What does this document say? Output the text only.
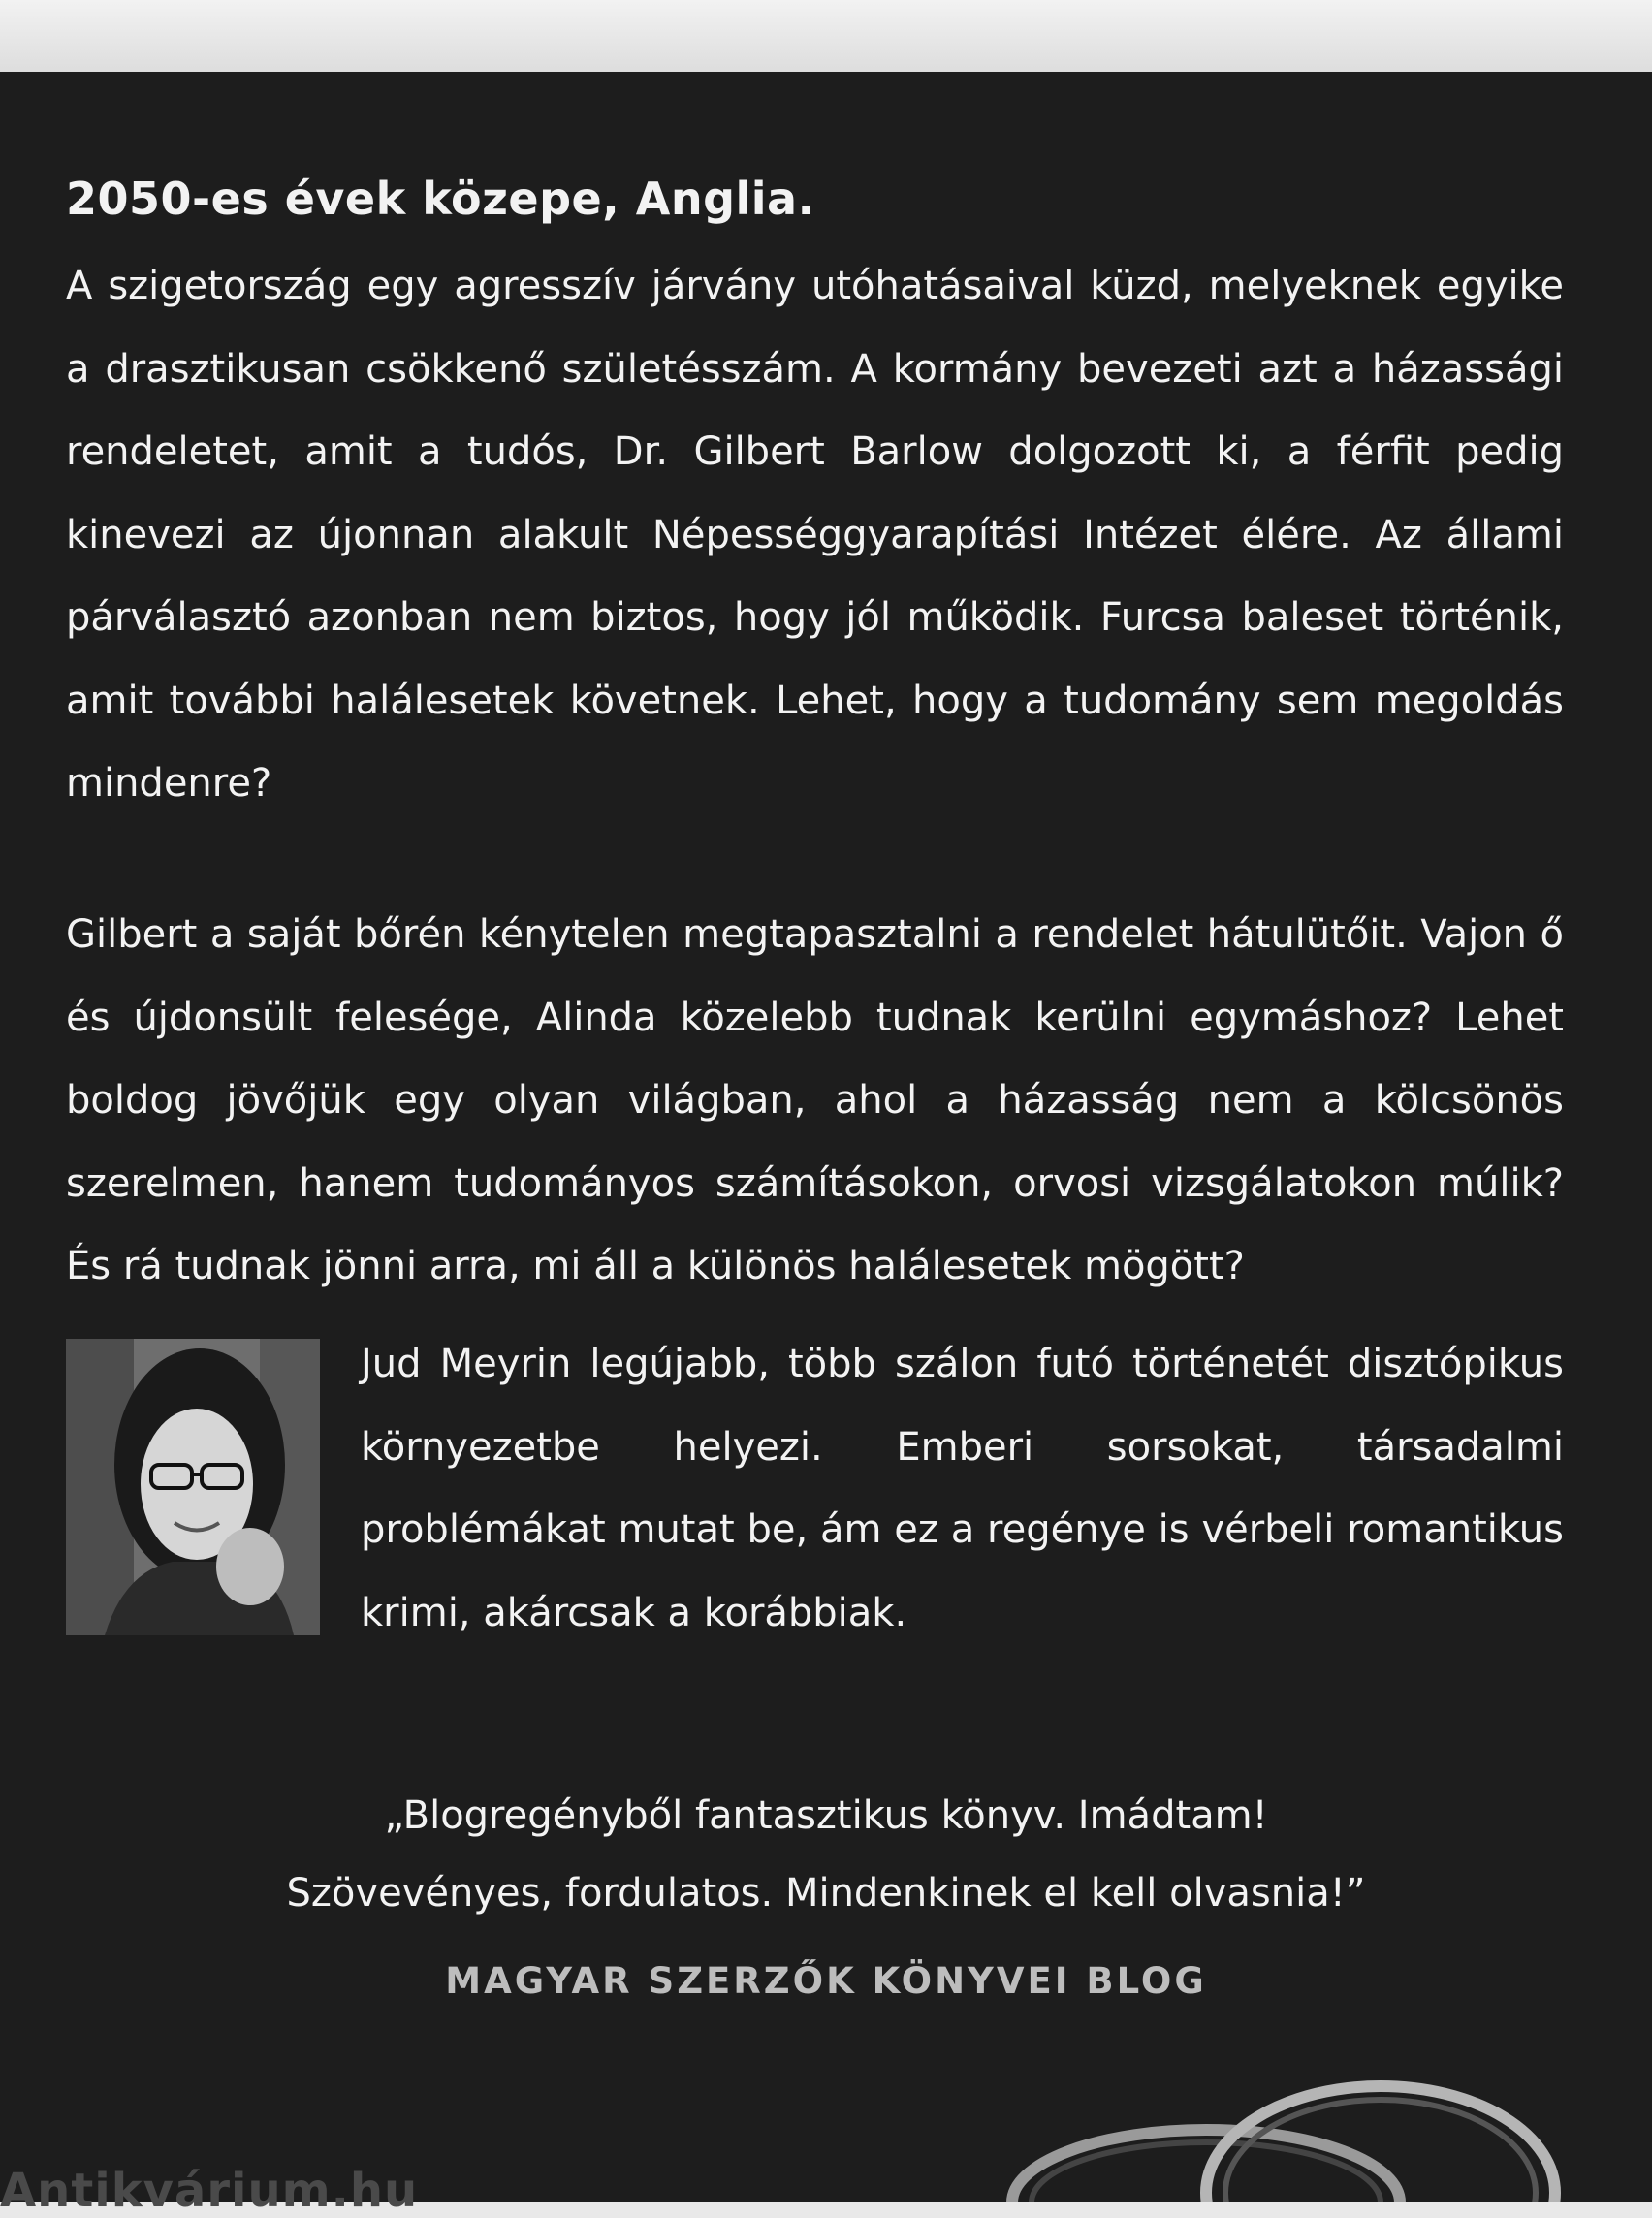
2050-es évek közepe, Anglia.

A szigetország egy agresszív járvány utóhatásaival küzd, melyeknek egyike a drasztikusan csökkenő születésszám. A kormány bevezeti azt a házassági rendeletet, amit a tudós, Dr. Gilbert Barlow dolgozott ki, a férfit pedig kinevezi az újonnan alakult Népességgyarapítási Intézet élére. Az állami párválasztó azonban nem biztos, hogy jól működik. Furcsa baleset történik, amit további halálesetek követnek. Lehet, hogy a tudomány sem megoldás mindenre?

Gilbert a saját bőrén kénytelen megtapasztalni a rendelet hátulütőit. Vajon ő és újdonsült felesége, Alinda közelebb tudnak kerülni egymáshoz? Lehet boldog jövőjük egy olyan világban, ahol a házasság nem a kölcsönös szerelmen, hanem tudományos számításokon, orvosi vizsgálatokon múlik? És rá tudnak jönni arra, mi áll a különös halálesetek mögött?

Jud Meyrin legújabb, több szálon futó történetét disztópikus környezetbe helyezi. Emberi sorsokat, társadalmi problémákat mutat be, ám ez a regénye is vérbeli romantikus krimi, akárcsak a korábbiak.

„Blogregényből fantasztikus könyv. Imádtam!

Szövevényes, fordulatos. Mindenkinek el kell olvasnia!”

MAGYAR SZERZŐK KÖNYVEI BLOG

Antikvárium.hu
